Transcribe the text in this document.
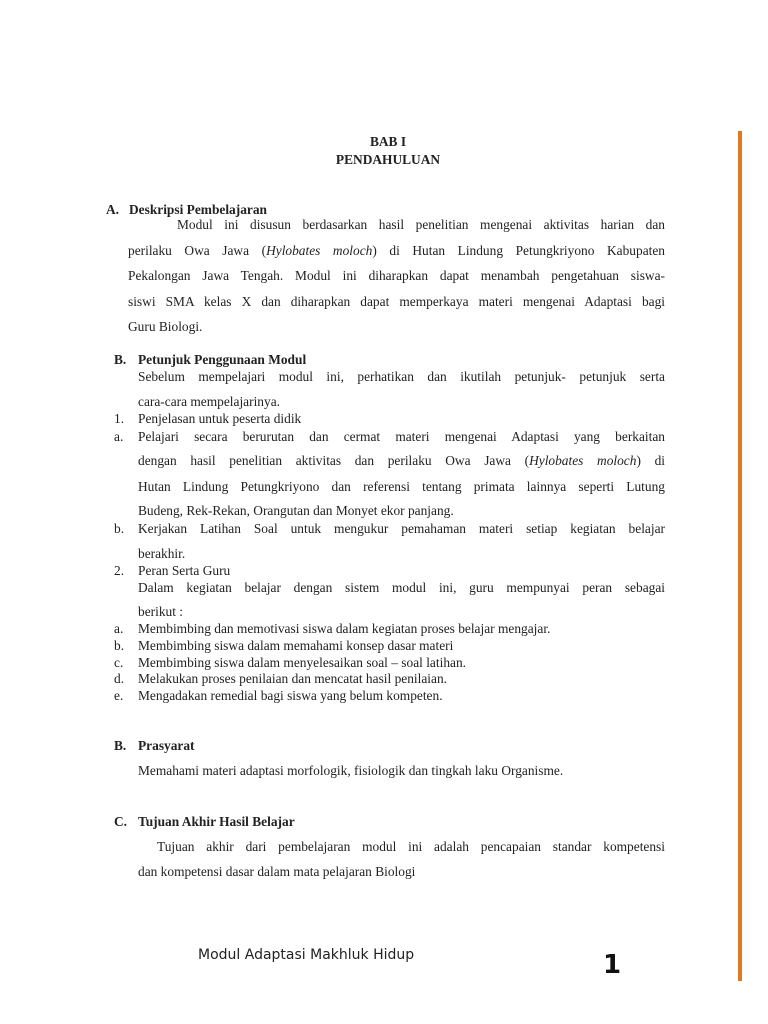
BAB I
PENDAHULUAN
A. Deskripsi Pembelajaran
Modul ini disusun berdasarkan hasil penelitian mengenai aktivitas harian dan
perilaku Owa Jawa (Hylobates moloch) di Hutan Lindung Petungkriyono Kabupaten
Pekalongan Jawa Tengah. Modul ini diharapkan dapat menambah pengetahuan siswa-
siswi SMA kelas X dan diharapkan dapat memperkaya materi mengenai Adaptasi bagi
Guru Biologi.
B. Petunjuk Penggunaan Modul
Sebelum mempelajari modul ini, perhatikan dan ikutilah petunjuk- petunjuk serta
cara-cara mempelajarinya.
1. Penjelasan untuk peserta didik
a. Pelajari secara berurutan dan cermat materi mengenai Adaptasi yang berkaitan
dengan hasil penelitian aktivitas dan perilaku Owa Jawa (Hylobates moloch) di
Hutan Lindung Petungkriyono dan referensi tentang primata lainnya seperti Lutung
Budeng, Rek-Rekan, Orangutan dan Monyet ekor panjang.
b. Kerjakan Latihan Soal untuk mengukur pemahaman materi setiap kegiatan belajar
berakhir.
2. Peran Serta Guru
Dalam kegiatan belajar dengan sistem modul ini, guru mempunyai peran sebagai
berikut :
a. Membimbing dan memotivasi siswa dalam kegiatan proses belajar mengajar.
b. Membimbing siswa dalam memahami konsep dasar materi
c. Membimbing siswa dalam menyelesaikan soal – soal latihan.
d. Melakukan proses penilaian dan mencatat hasil penilaian.
e. Mengadakan remedial bagi siswa yang belum kompeten.
B. Prasyarat
Memahami materi adaptasi morfologik, fisiologik dan tingkah laku Organisme.
C. Tujuan Akhir Hasil Belajar
Tujuan akhir dari pembelajaran modul ini adalah pencapaian standar kompetensi
dan kompetensi dasar dalam mata pelajaran Biologi
Modul Adaptasi Makhluk Hidup	1
